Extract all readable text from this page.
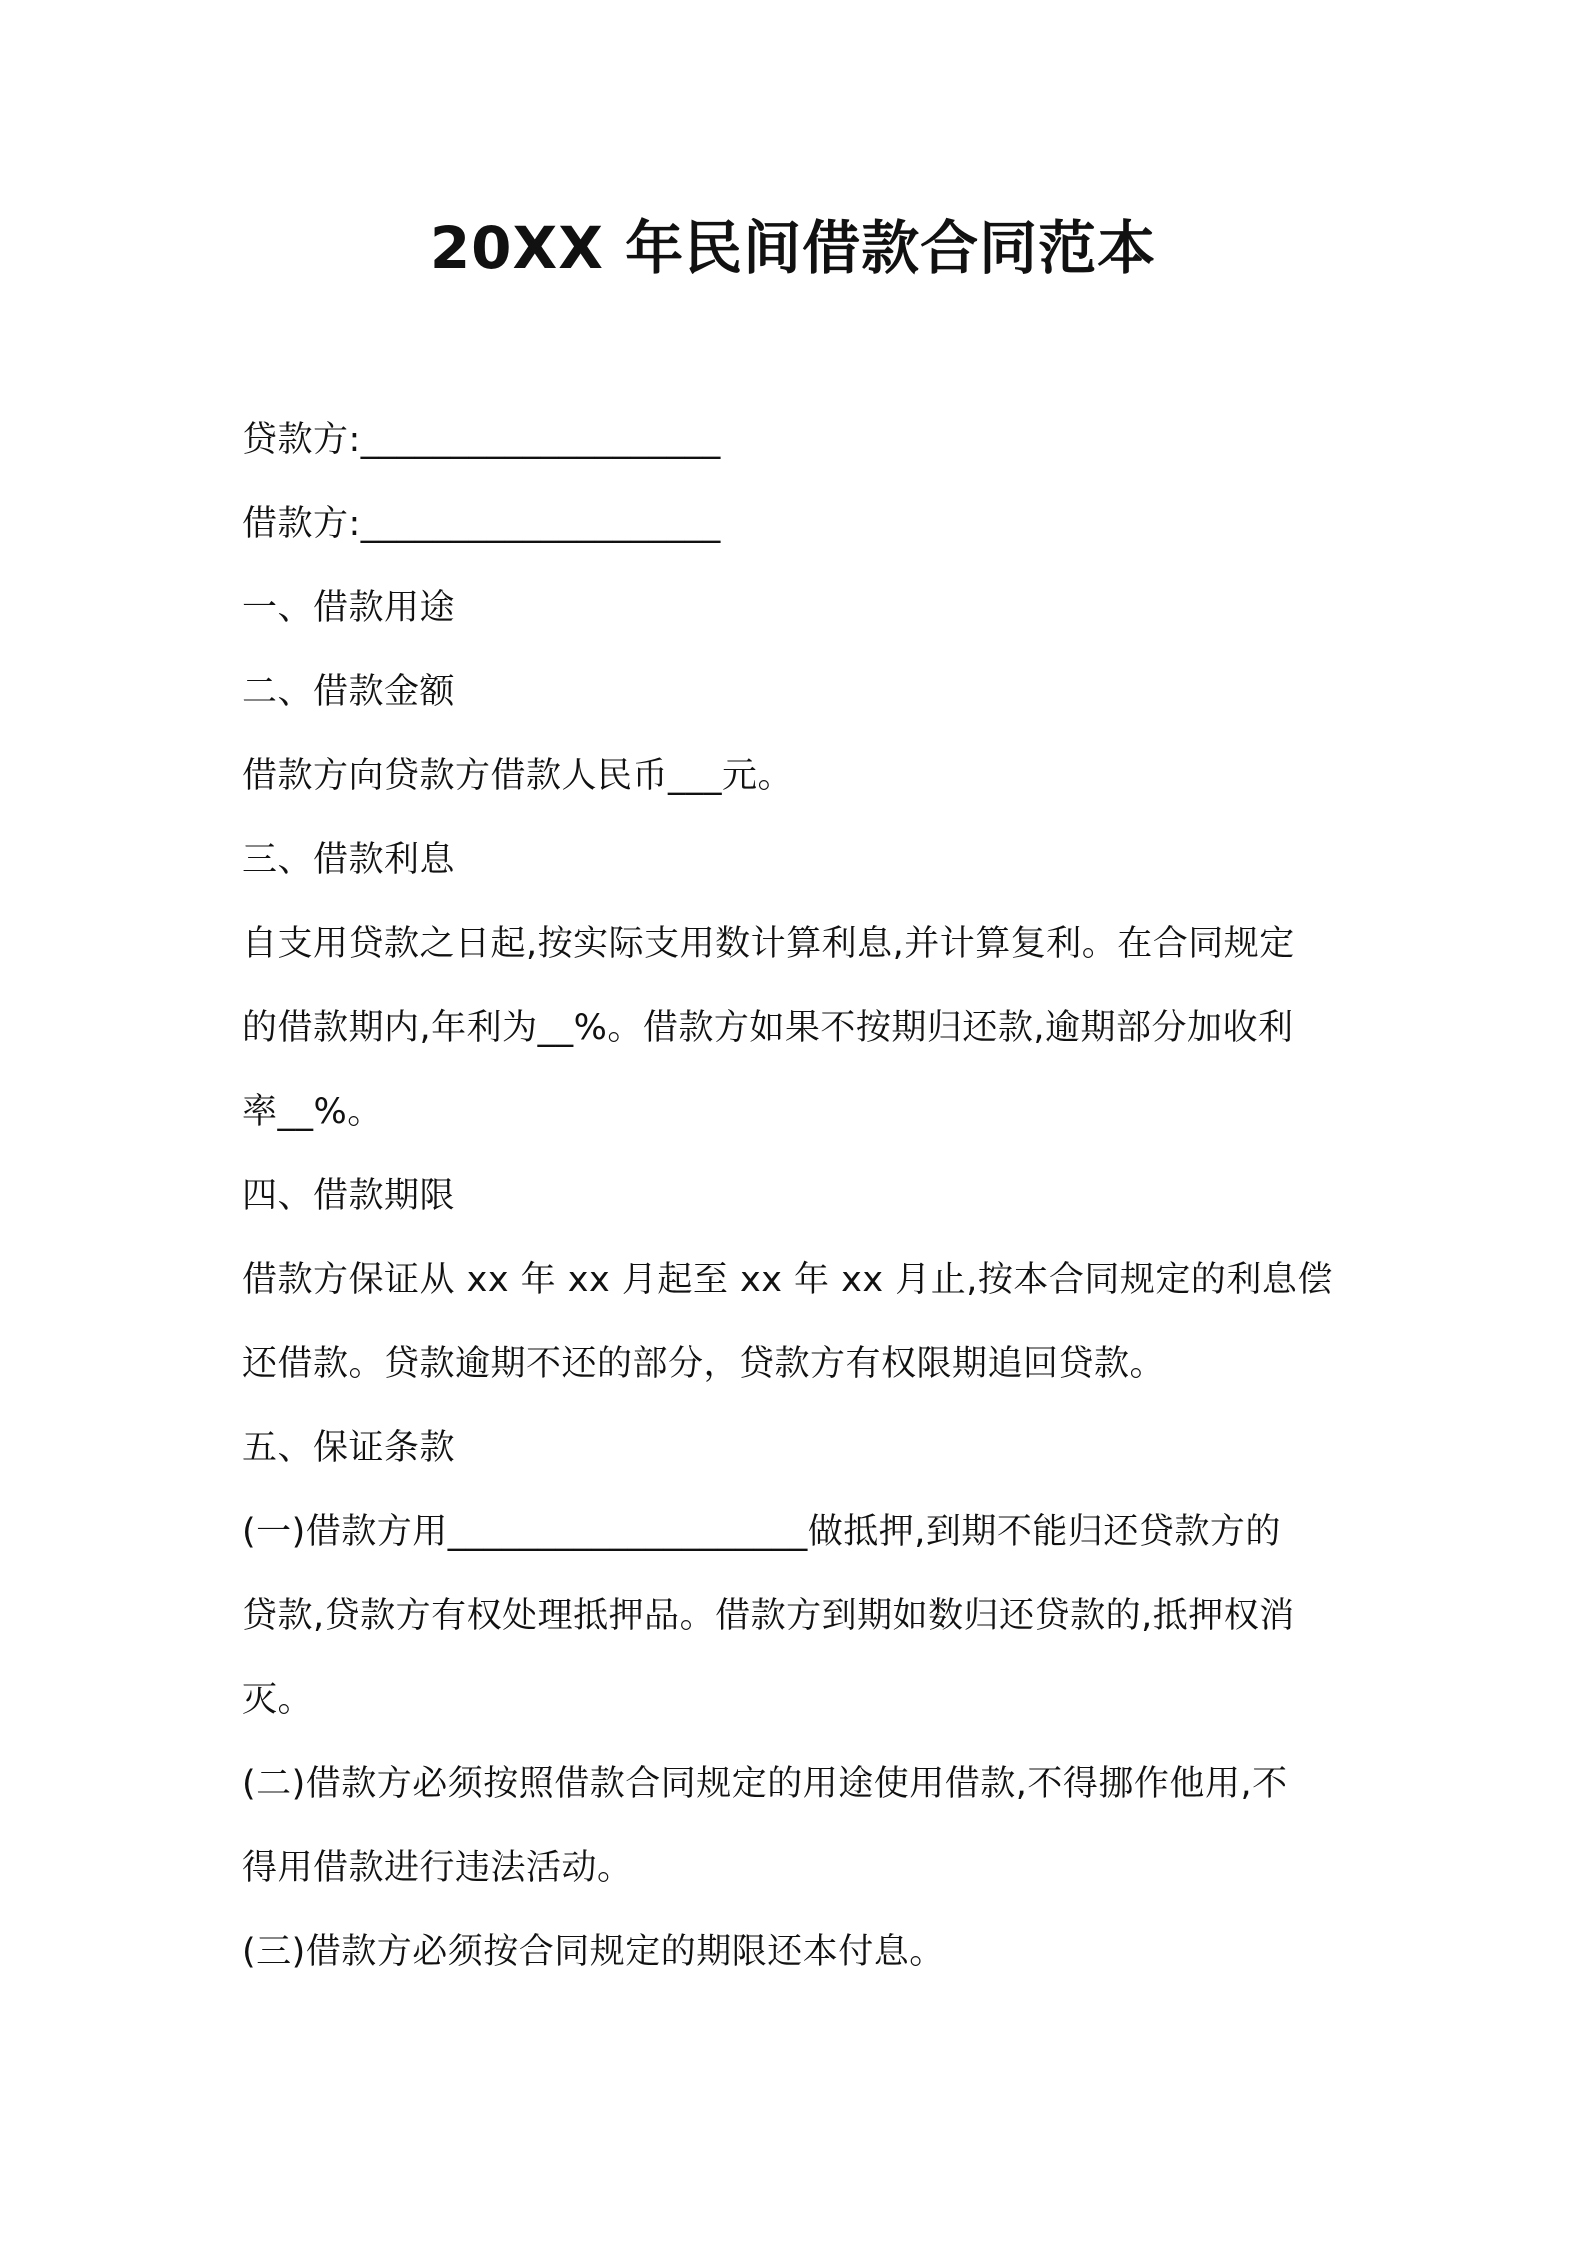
20XX 年民间借款合同范本
贷款方:____________________
借款方:____________________
一、借款用途
二、借款金额
借款方向贷款方借款人民币___元。
三、借款利息
自支用贷款之日起,按实际支用数计算利息,并计算复利。在合同规定
的借款期内,年利为__%。借款方如果不按期归还款,逾期部分加收利
率__%。
四、借款期限
借款方保证从 xx 年 xx 月起至 xx 年 xx 月止,按本合同规定的利息偿
还借款。贷款逾期不还的部分，贷款方有权限期追回贷款。
五、保证条款
(一)借款方用____________________做抵押,到期不能归还贷款方的
贷款,贷款方有权处理抵押品。借款方到期如数归还贷款的,抵押权消
灭。
(二)借款方必须按照借款合同规定的用途使用借款,不得挪作他用,不
得用借款进行违法活动。
(三)借款方必须按合同规定的期限还本付息。
